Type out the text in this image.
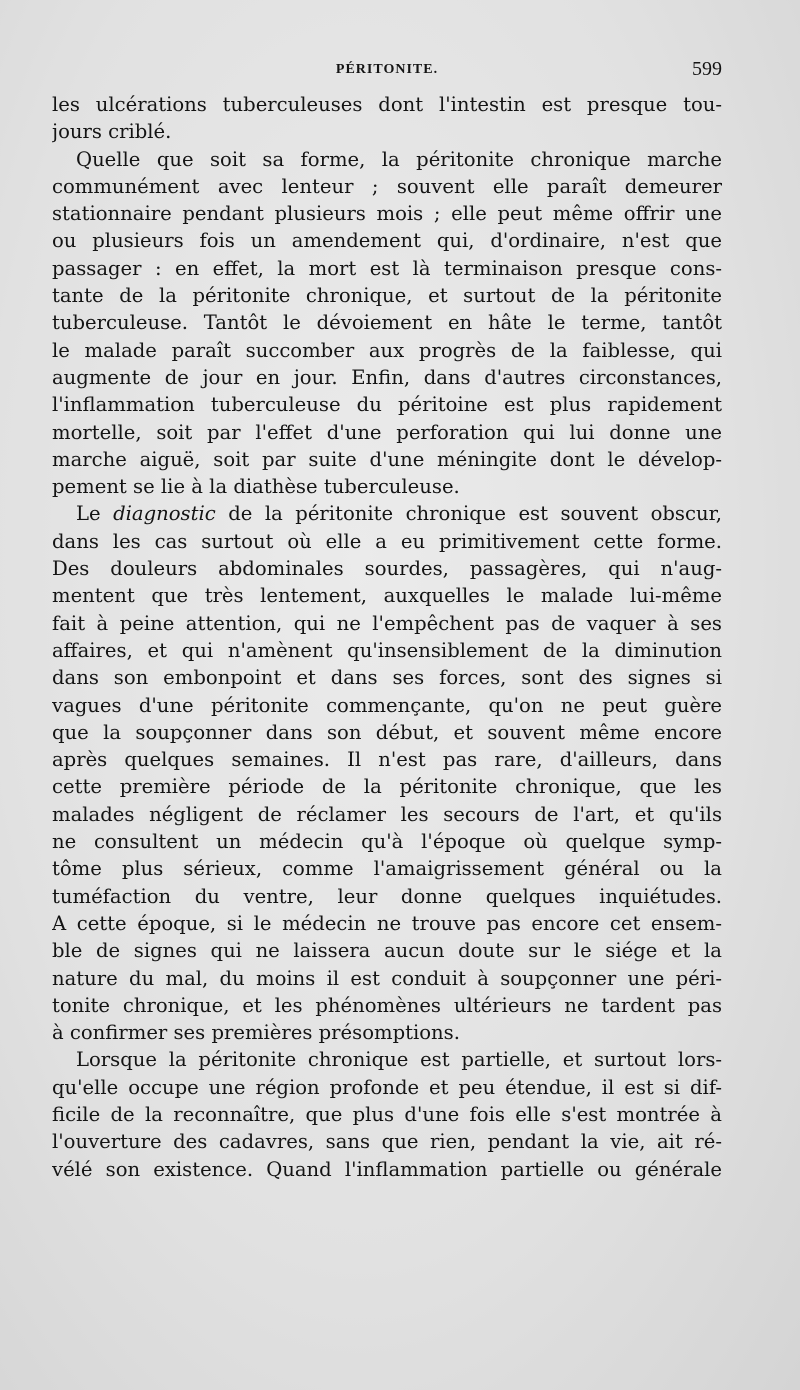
PÉRITONITE.	599
les ulcérations tuberculeuses dont l'intestin est presque tou-
jours criblé.
Quelle que soit sa forme, la péritonite chronique marche
communément avec lenteur ; souvent elle paraît demeurer
stationnaire pendant plusieurs mois ; elle peut même offrir une
ou plusieurs fois un amendement qui, d'ordinaire, n'est que
passager : en effet, la mort est là terminaison presque cons-
tante de la péritonite chronique, et surtout de la péritonite
tuberculeuse. Tantôt le dévoiement en hâte le terme, tantôt
le malade paraît succomber aux progrès de la faiblesse, qui
augmente de jour en jour. Enfin, dans d'autres circonstances,
l'inflammation tuberculeuse du péritoine est plus rapidement
mortelle, soit par l'effet d'une perforation qui lui donne une
marche aiguë, soit par suite d'une méningite dont le dévelop-
pement se lie à la diathèse tuberculeuse.
Le diagnostic de la péritonite chronique est souvent obscur,
dans les cas surtout où elle a eu primitivement cette forme.
Des douleurs abdominales sourdes, passagères, qui n'aug-
mentent que très lentement, auxquelles le malade lui-même
fait à peine attention, qui ne l'empêchent pas de vaquer à ses
affaires, et qui n'amènent qu'insensiblement de la diminution
dans son embonpoint et dans ses forces, sont des signes si
vagues d'une péritonite commençante, qu'on ne peut guère
que la soupçonner dans son début, et souvent même encore
après quelques semaines. Il n'est pas rare, d'ailleurs, dans
cette première période de la péritonite chronique, que les
malades négligent de réclamer les secours de l'art, et qu'ils
ne consultent un médecin qu'à l'époque où quelque symp-
tôme plus sérieux, comme l'amaigrissement général ou la
tuméfaction du ventre, leur donne quelques inquiétudes.
A cette époque, si le médecin ne trouve pas encore cet ensem-
ble de signes qui ne laissera aucun doute sur le siége et la
nature du mal, du moins il est conduit à soupçonner une péri-
tonite chronique, et les phénomènes ultérieurs ne tardent pas
à confirmer ses premières présomptions.
Lorsque la péritonite chronique est partielle, et surtout lors-
qu'elle occupe une région profonde et peu étendue, il est si dif-
ficile de la reconnaître, que plus d'une fois elle s'est montrée à
l'ouverture des cadavres, sans que rien, pendant la vie, ait ré-
vélé son existence. Quand l'inflammation partielle ou générale
